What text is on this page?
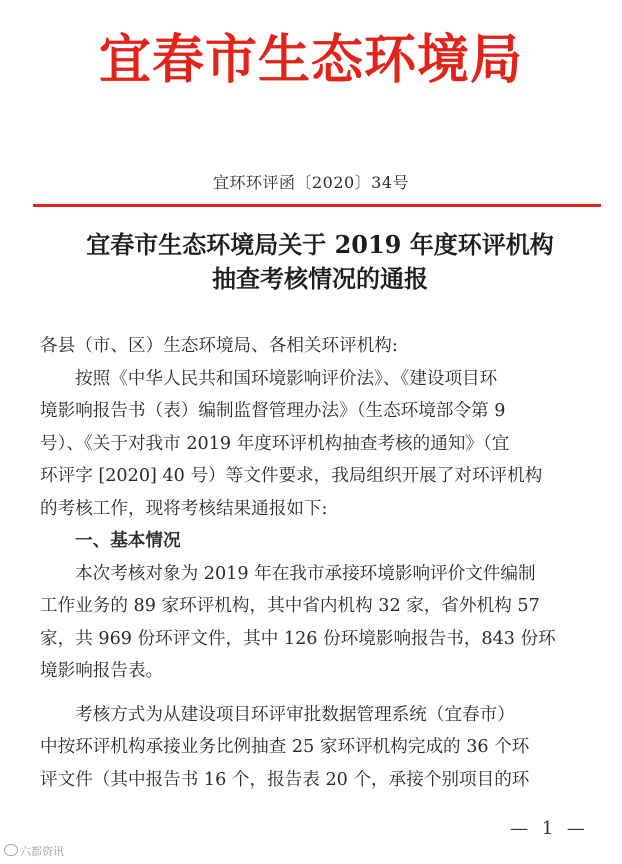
宜春市生态环境局
宜环环评函〔2020〕34号
宜春市生态环境局关于 2019 年度环评机构
抽查考核情况的通报

各县（市、区）生态环境局、各相关环评机构:

按照《中华人民共和国环境影响评价法》、《建设项目环

境影响报告书（表）编制监督管理办法》（生态环境部令第 9

号）、《关于对我市 2019 年度环评机构抽查考核的通知》（宜

环评字 [2020] 40 号）等文件要求，我局组织开展了对环评机构

的考核工作，现将考核结果通报如下:

一、基本情况

本次考核对象为 2019 年在我市承接环境影响评价文件编制

工作业务的 89 家环评机构，其中省内机构 32 家，省外机构 57

家，共 969 份环评文件，其中 126 份环境影响报告书，843 份环

境影响报告表。

考核方式为从建设项目环评审批数据管理系统（宜春市）

中按环评机构承接业务比例抽查 25 家环评机构完成的 36 个环

评文件（其中报告书 16 个，报告表 20 个，承接个别项目的环

— 1 —
六都资讯
